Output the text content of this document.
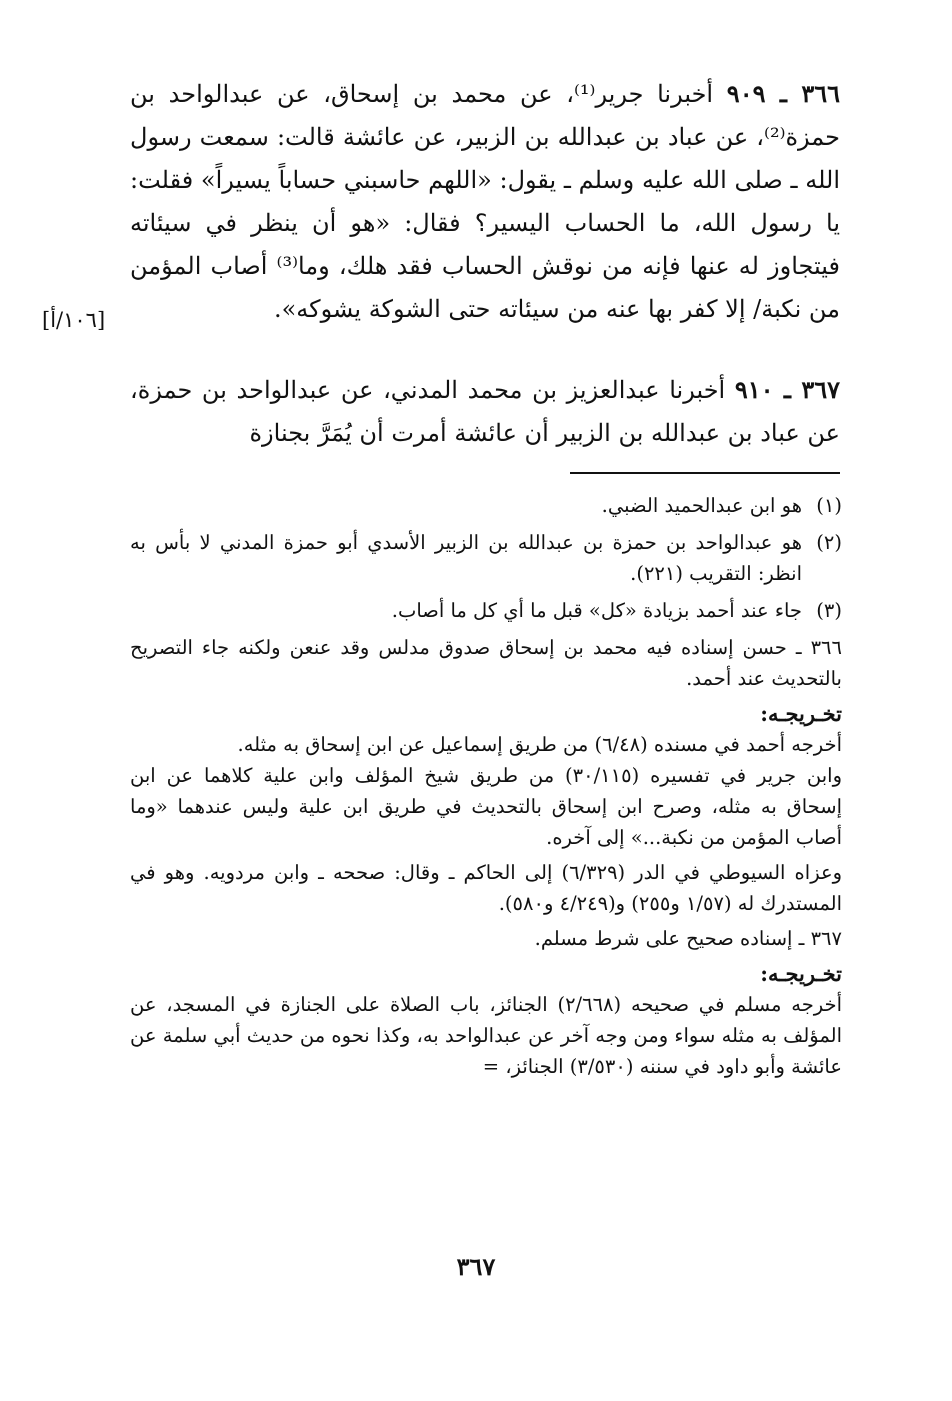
٣٦٦ ـ ٩٠٩ أخبرنا جرير⁽¹⁾، عن محمد بن إسحاق، عن عبدالواحد بن حمزة⁽²⁾، عن عباد بن عبدالله بن الزبير، عن عائشة قالت: سمعت رسول الله ـ صلى الله عليه وسلم ـ يقول: «اللهم حاسبني حساباً يسيراً» فقلت: يا رسول الله، ما الحساب اليسير؟ فقال: «هو أن ينظر في سيئاته فيتجاوز له عنها فإنه من نوقش الحساب فقد هلك، وما⁽³⁾ أصاب المؤمن من نكبة/ إلا كفر بها عنه من سيئاته حتى الشوكة يشوكه».

[١٠٦/أ]

٣٦٧ ـ ٩١٠ أخبرنا عبدالعزيز بن محمد المدني، عن عبدالواحد بن حمزة، عن عباد بن عبدالله بن الزبير أن عائشة أمرت أن يُمَرَّ بجنازة

(١)
هو ابن عبدالحميد الضبي.
(٢)
هو عبدالواحد بن حمزة بن عبدالله بن الزبير الأسدي أبو حمزة المدني لا بأس به انظر: التقريب (٢٢١).
(٣)
جاء عند أحمد بزيادة «كل» قبل ما أي كل ما أصاب.

٣٦٦ ـ حسن إسناده فيه محمد بن إسحاق صدوق مدلس وقد عنعن ولكنه جاء التصريح بالتحديث عند أحمد.

تخـريجـه:

أخرجه أحمد في مسنده (٦/٤٨) من طريق إسماعيل عن ابن إسحاق به مثله.

وابن جرير في تفسيره (٣٠/١١٥) من طريق شيخ المؤلف وابن علية كلاهما عن ابن إسحاق به مثله، وصرح ابن إسحاق بالتحديث في طريق ابن علية وليس عندهما «وما أصاب المؤمن من نكبة...» إلى آخره.

وعزاه السيوطي في الدر (٦/٣٢٩) إلى الحاكم ـ وقال: صححه ـ وابن مردويه. وهو في المستدرك له (١/٥٧ و٢٥٥) و(٤/٢٤٩ و٥٨٠).

٣٦٧ ـ إسناده صحيح على شرط مسلم.

تخـريجـه:

أخرجه مسلم في صحيحه (٢/٦٦٨) الجنائز، باب الصلاة على الجنازة في المسجد، عن المؤلف به مثله سواء ومن وجه آخر عن عبدالواحد به، وكذا نحوه من حديث أبي سلمة عن عائشة وأبو داود في سننه (٣/٥٣٠) الجنائز، =

٣٦٧
